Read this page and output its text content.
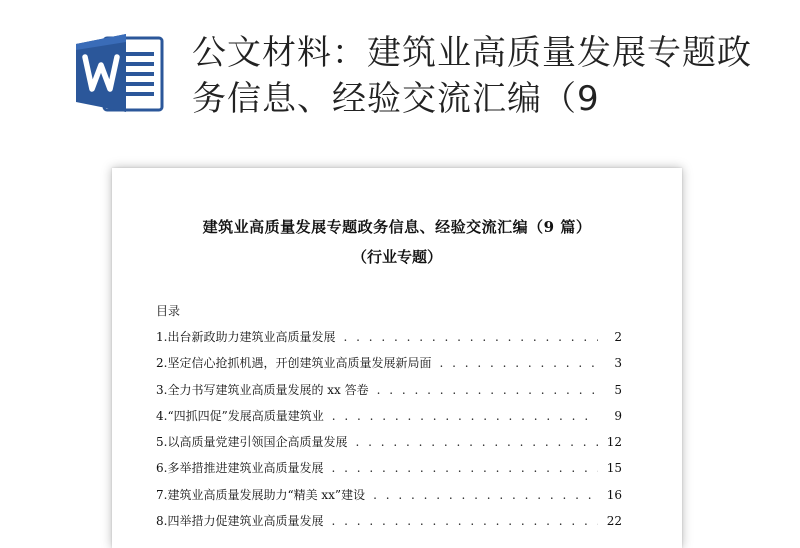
公文材料：建筑业高质量发展专题政务信息、经验交流汇编（9
建筑业高质量发展专题政务信息、经验交流汇编（9 篇）
（行业专题）
目录
1.出台新政助力建筑业高质量发展 . . .	2
2.坚定信心抢抓机遇，开创建筑业高质量发展新局面 . . .	3
3.全力书写建筑业高质量发展的 xx 答卷 . . .	5
4.“四抓四促”发展高质量建筑业 . . .	9
5.以高质量党建引领国企高质量发展 . . .	12
6.多举措推进建筑业高质量发展 . . .	15
7.建筑业高质量发展助力“精美 xx”建设 . . .	16
8.四举措力促建筑业高质量发展 . . .	22
